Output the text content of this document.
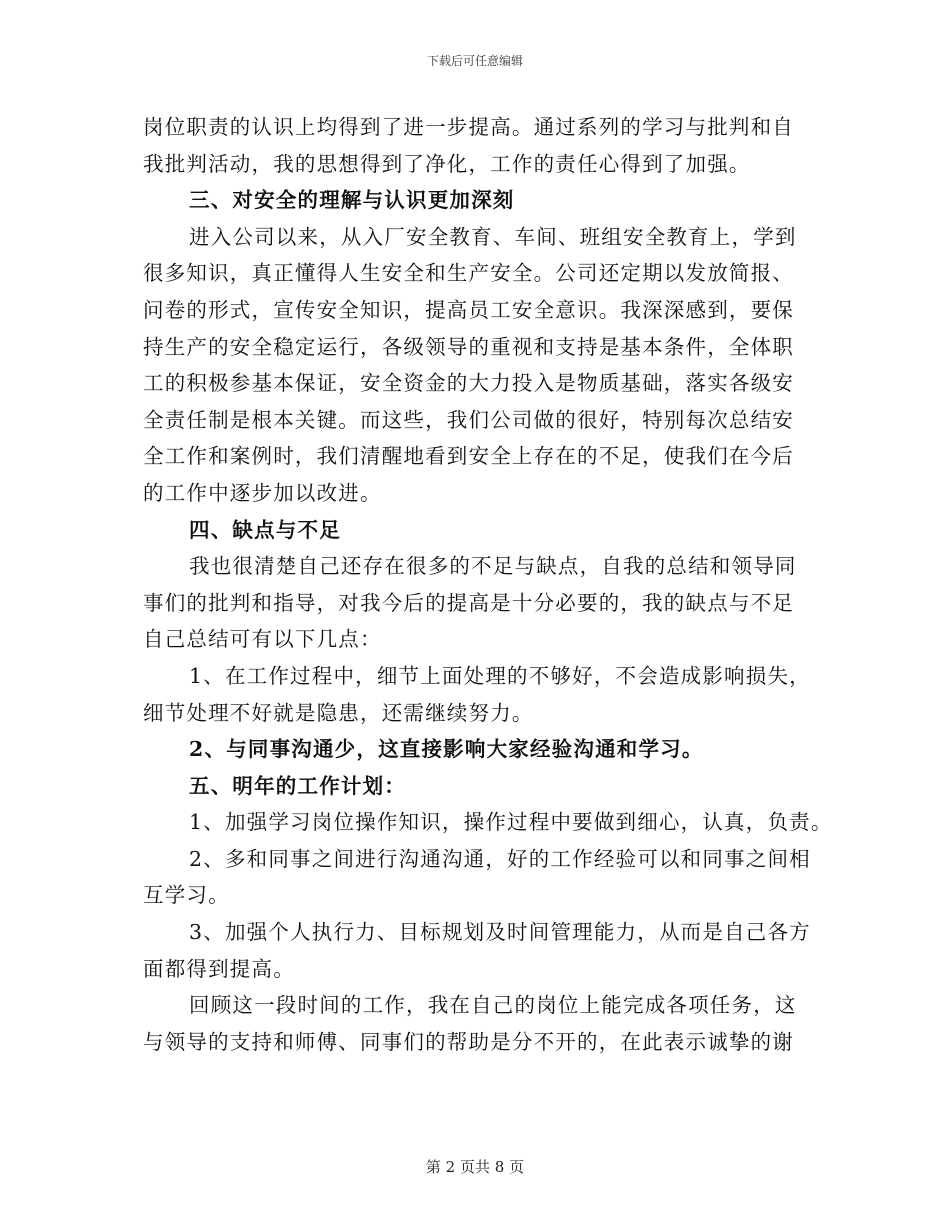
下载后可任意编辑
岗位职责的认识上均得到了进一步提高。通过系列的学习与批判和自
我批判活动，我的思想得到了净化，工作的责任心得到了加强。
三、对安全的理解与认识更加深刻
进入公司以来，从入厂安全教育、车间、班组安全教育上，学到
很多知识，真正懂得人生安全和生产安全。公司还定期以发放简报、
问卷的形式，宣传安全知识，提高员工安全意识。我深深感到，要保
持生产的安全稳定运行，各级领导的重视和支持是基本条件，全体职
工的积极参基本保证，安全资金的大力投入是物质基础，落实各级安
全责任制是根本关键。而这些，我们公司做的很好，特别每次总结安
全工作和案例时，我们清醒地看到安全上存在的不足，使我们在今后
的工作中逐步加以改进。
四、缺点与不足
我也很清楚自己还存在很多的不足与缺点，自我的总结和领导同
事们的批判和指导，对我今后的提高是十分必要的，我的缺点与不足
自己总结可有以下几点：
1、在工作过程中，细节上面处理的不够好，不会造成影响损失，
细节处理不好就是隐患，还需继续努力。
2、与同事沟通少，这直接影响大家经验沟通和学习。
五、明年的工作计划：
1、加强学习岗位操作知识，操作过程中要做到细心，认真，负责。
2、多和同事之间进行沟通沟通，好的工作经验可以和同事之间相
互学习。
3、加强个人执行力、目标规划及时间管理能力，从而是自己各方
面都得到提高。
回顾这一段时间的工作，我在自己的岗位上能完成各项任务，这
与领导的支持和师傅、同事们的帮助是分不开的，在此表示诚挚的谢
第 2 页共 8 页
